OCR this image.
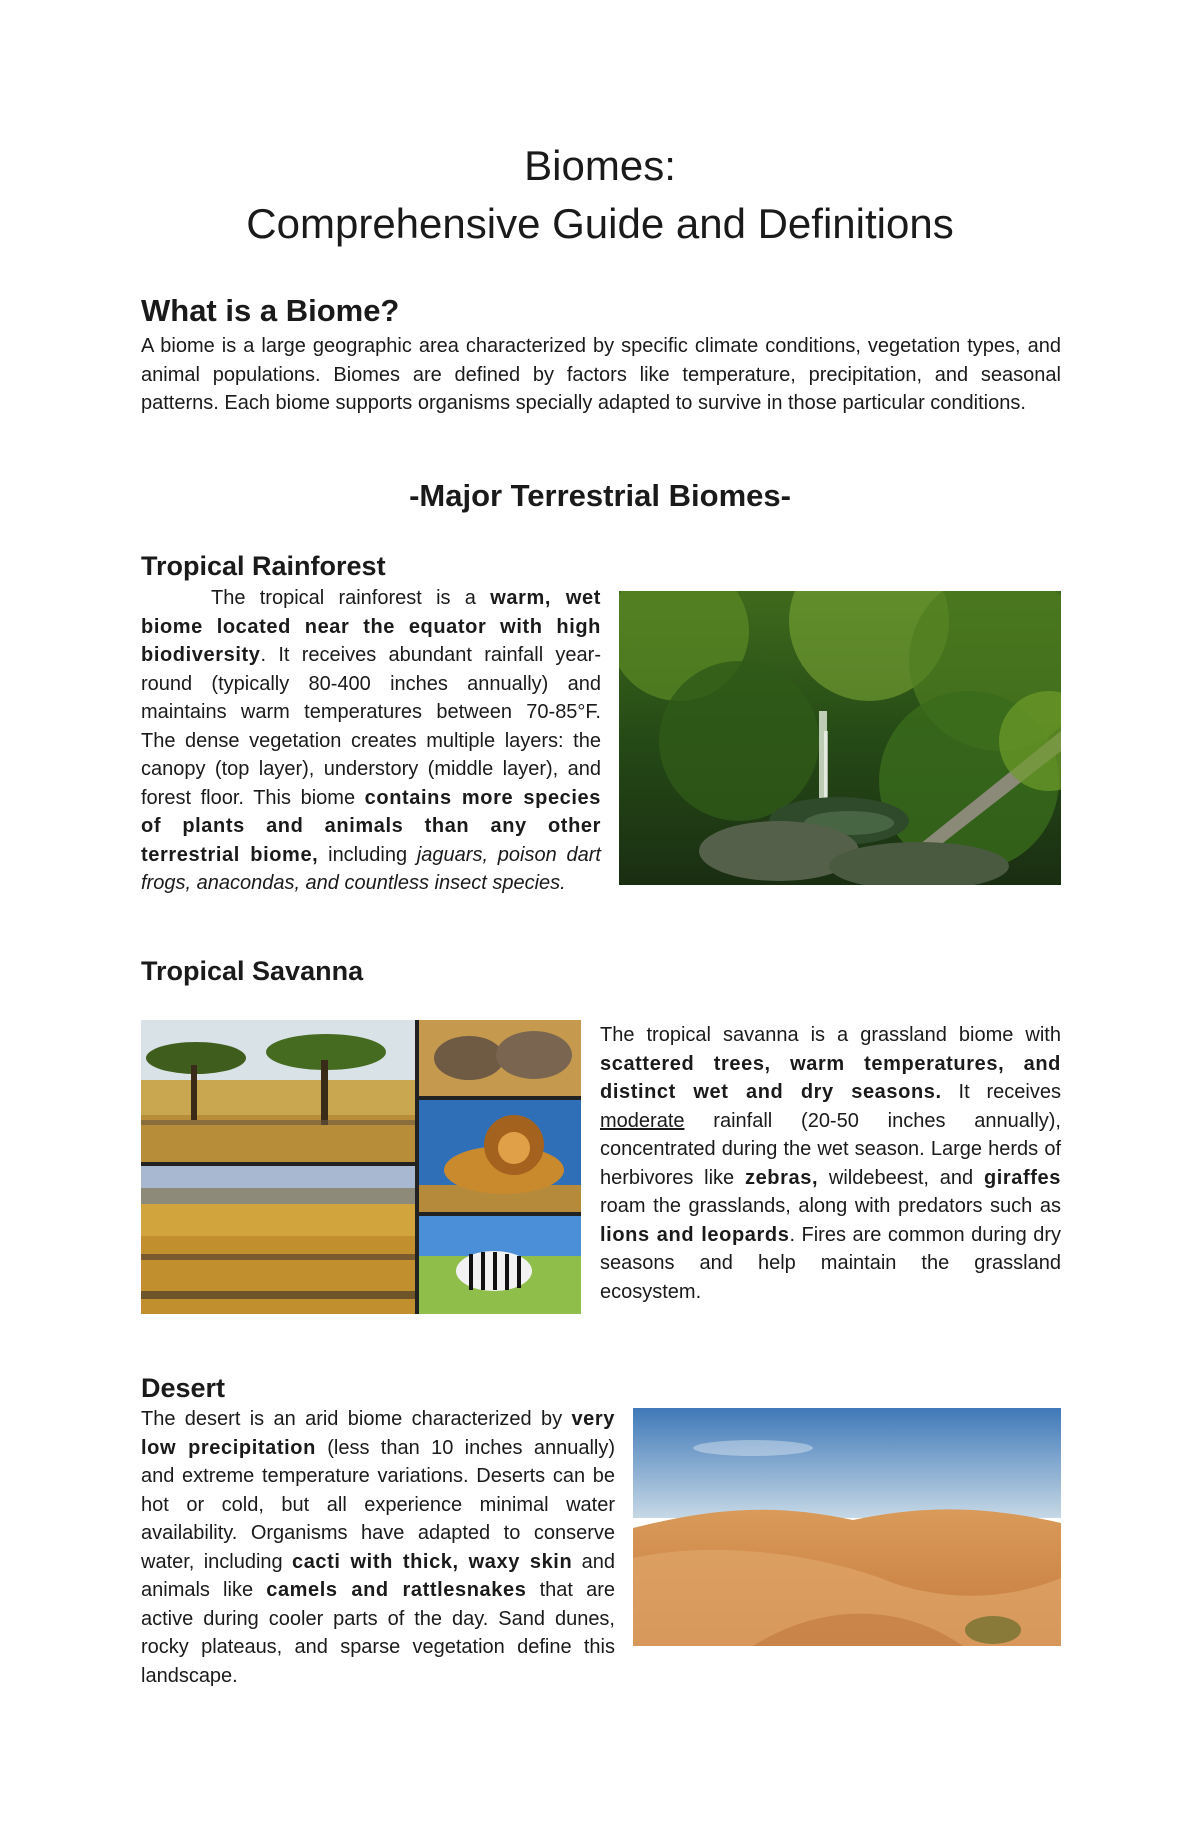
Biomes:
Comprehensive Guide and Definitions
What is a Biome?

A biome is a large geographic area characterized by specific climate conditions, vegetation types, and animal populations. Biomes are defined by factors like temperature, precipitation, and seasonal patterns. Each biome supports organisms specially adapted to survive in those particular conditions.

-Major Terrestrial Biomes-
Tropical Rainforest

The tropical rainforest is a warm, wet biome located near the equator with high biodiversity. It receives abundant rainfall year-round (typically 80-400 inches annually) and maintains warm temperatures between 70-85°F. The dense vegetation creates multiple layers: the canopy (top layer), understory (middle layer), and forest floor. This biome contains more species of plants and animals than any other terrestrial biome, including jaguars, poison dart frogs, anacondas, and countless insect species.

Tropical Savanna

The tropical savanna is a grassland biome with scattered trees, warm temperatures, and distinct wet and dry seasons. It receives moderate rainfall (20-50 inches annually), concentrated during the wet season. Large herds of herbivores like zebras, wildebeest, and giraffes roam the grasslands, along with predators such as lions and leopards. Fires are common during dry seasons and help maintain the grassland ecosystem.

Desert

The desert is an arid biome characterized by very low precipitation (less than 10 inches annually) and extreme temperature variations. Deserts can be hot or cold, but all experience minimal water availability. Organisms have adapted to conserve water, including cacti with thick, waxy skin and animals like camels and rattlesnakes that are active during cooler parts of the day. Sand dunes, rocky plateaus, and sparse vegetation define this landscape.
